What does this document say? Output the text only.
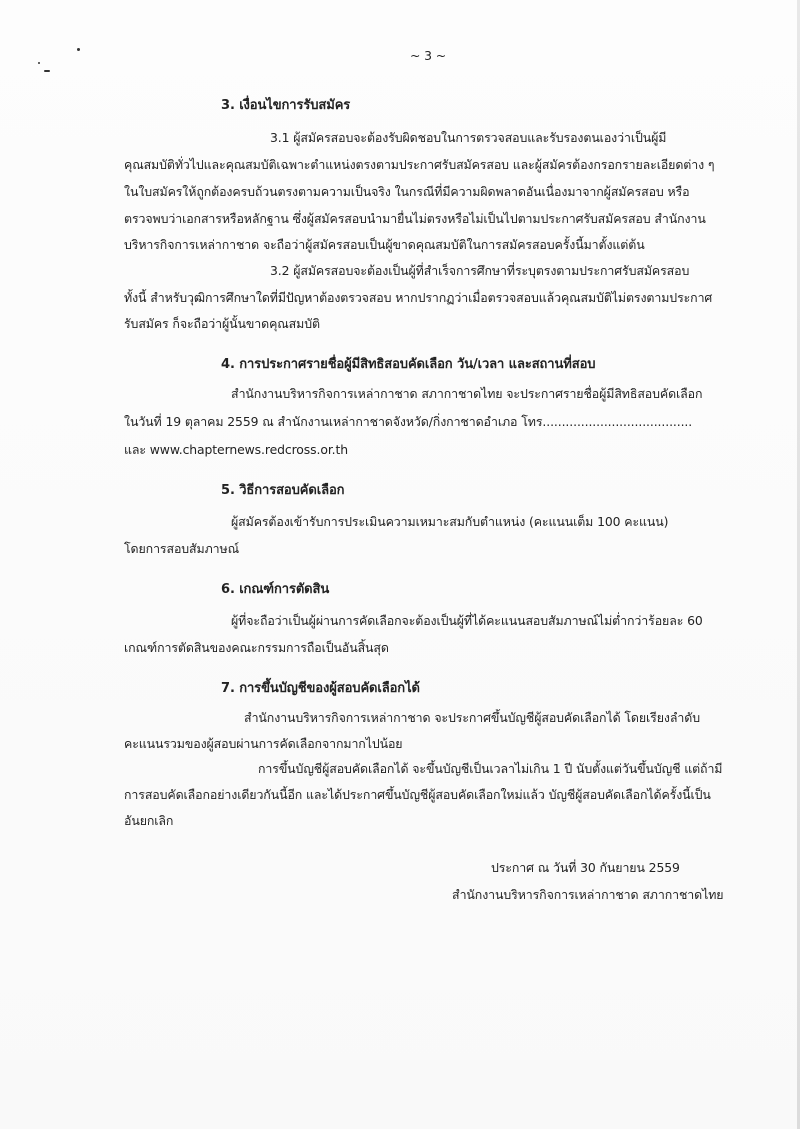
~ 3 ~
3. เงื่อนไขการรับสมัคร
3.1 ผู้สมัครสอบจะต้องรับผิดชอบในการตรวจสอบและรับรองตนเองว่าเป็นผู้มี
คุณสมบัติทั่วไปและคุณสมบัติเฉพาะตำแหน่งตรงตามประกาศรับสมัครสอบ และผู้สมัครต้องกรอกรายละเอียดต่าง ๆ
ในใบสมัครให้ถูกต้องครบถ้วนตรงตามความเป็นจริง ในกรณีที่มีความผิดพลาดอันเนื่องมาจากผู้สมัครสอบ หรือ
ตรวจพบว่าเอกสารหรือหลักฐาน ซึ่งผู้สมัครสอบนำมายื่นไม่ตรงหรือไม่เป็นไปตามประกาศรับสมัครสอบ สำนักงาน
บริหารกิจการเหล่ากาชาด จะถือว่าผู้สมัครสอบเป็นผู้ขาดคุณสมบัติในการสมัครสอบครั้งนี้มาตั้งแต่ต้น
3.2 ผู้สมัครสอบจะต้องเป็นผู้ที่สำเร็จการศึกษาที่ระบุตรงตามประกาศรับสมัครสอบ
ทั้งนี้ สำหรับวุฒิการศึกษาใดที่มีปัญหาต้องตรวจสอบ หากปรากฏว่าเมื่อตรวจสอบแล้วคุณสมบัติไม่ตรงตามประกาศ
รับสมัคร ก็จะถือว่าผู้นั้นขาดคุณสมบัติ
4. การประกาศรายชื่อผู้มีสิทธิสอบคัดเลือก วัน/เวลา และสถานที่สอบ
สำนักงานบริหารกิจการเหล่ากาชาด สภากาชาดไทย จะประกาศรายชื่อผู้มีสิทธิสอบคัดเลือก
ในวันที่ 19 ตุลาคม 2559 ณ สำนักงานเหล่ากาชาดจังหวัด/กิ่งกาชาดอำเภอ โทร.......................................
และ www.chapternews.redcross.or.th
5. วิธีการสอบคัดเลือก
ผู้สมัครต้องเข้ารับการประเมินความเหมาะสมกับตำแหน่ง (คะแนนเต็ม 100 คะแนน)
โดยการสอบสัมภาษณ์
6. เกณฑ์การตัดสิน
ผู้ที่จะถือว่าเป็นผู้ผ่านการคัดเลือกจะต้องเป็นผู้ที่ได้คะแนนสอบสัมภาษณ์ไม่ต่ำกว่าร้อยละ 60
เกณฑ์การตัดสินของคณะกรรมการถือเป็นอันสิ้นสุด
7. การขึ้นบัญชีของผู้สอบคัดเลือกได้
สำนักงานบริหารกิจการเหล่ากาชาด จะประกาศขึ้นบัญชีผู้สอบคัดเลือกได้ โดยเรียงลำดับ
คะแนนรวมของผู้สอบผ่านการคัดเลือกจากมากไปน้อย
การขึ้นบัญชีผู้สอบคัดเลือกได้ จะขึ้นบัญชีเป็นเวลาไม่เกิน 1 ปี นับตั้งแต่วันขึ้นบัญชี แต่ถ้ามี
การสอบคัดเลือกอย่างเดียวกันนี้อีก และได้ประกาศขึ้นบัญชีผู้สอบคัดเลือกใหม่แล้ว บัญชีผู้สอบคัดเลือกได้ครั้งนี้เป็น
อันยกเลิก
ประกาศ ณ วันที่ 30 กันยายน 2559
สำนักงานบริหารกิจการเหล่ากาชาด สภากาชาดไทย
